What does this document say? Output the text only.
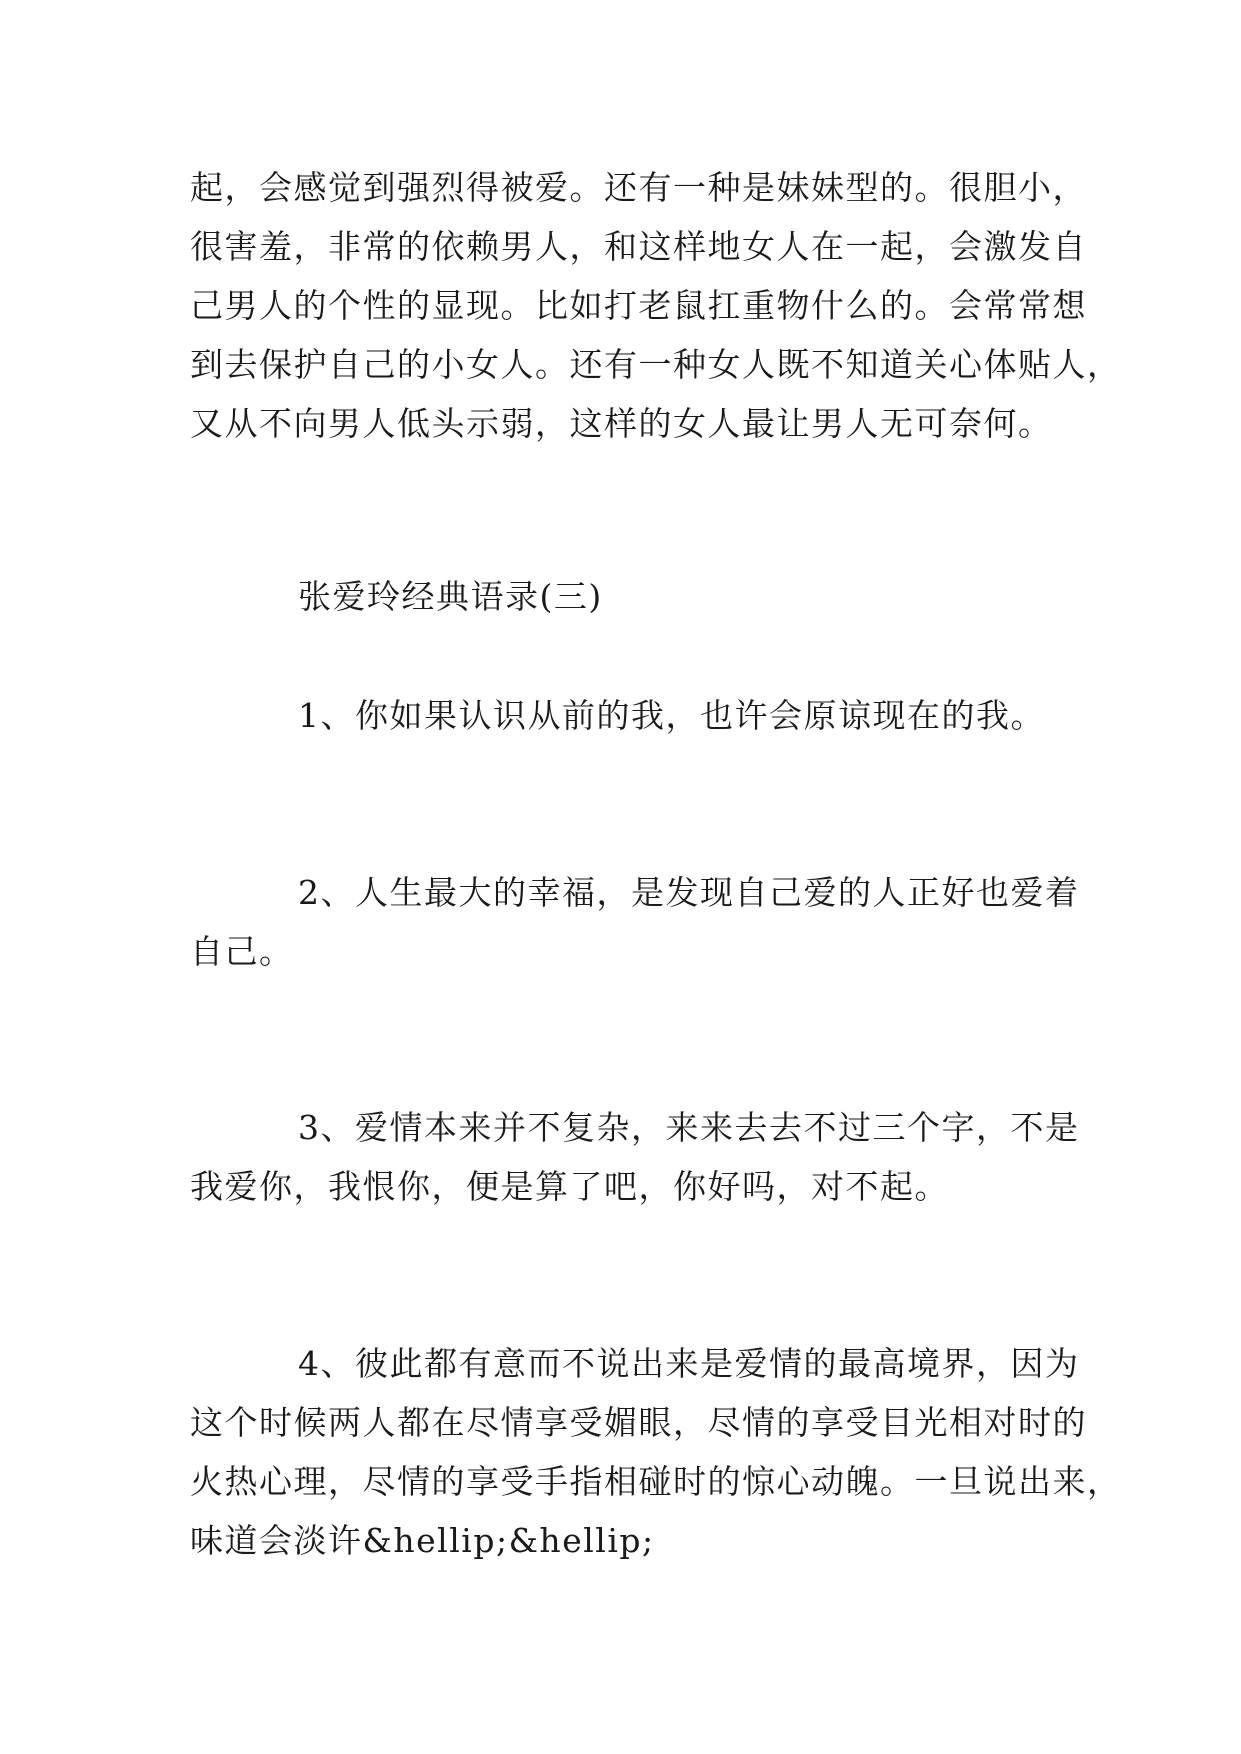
起，会感觉到强烈得被爱。还有一种是妹妹型的。很胆小，
很害羞，非常的依赖男人，和这样地女人在一起，会激发自
己男人的个性的显现。比如打老鼠扛重物什么的。会常常想
到去保护自己的小女人。还有一种女人既不知道关心体贴人，
又从不向男人低头示弱，这样的女人最让男人无可奈何。
张爱玲经典语录(三)
1、你如果认识从前的我，也许会原谅现在的我。
2、人生最大的幸福，是发现自己爱的人正好也爱着
自己。
3、爱情本来并不复杂，来来去去不过三个字，不是
我爱你，我恨你，便是算了吧，你好吗，对不起。
4、彼此都有意而不说出来是爱情的最高境界，因为
这个时候两人都在尽情享受媚眼，尽情的享受目光相对时的
火热心理，尽情的享受手指相碰时的惊心动魄。一旦说出来，
味道会淡许&hellip;&hellip;
